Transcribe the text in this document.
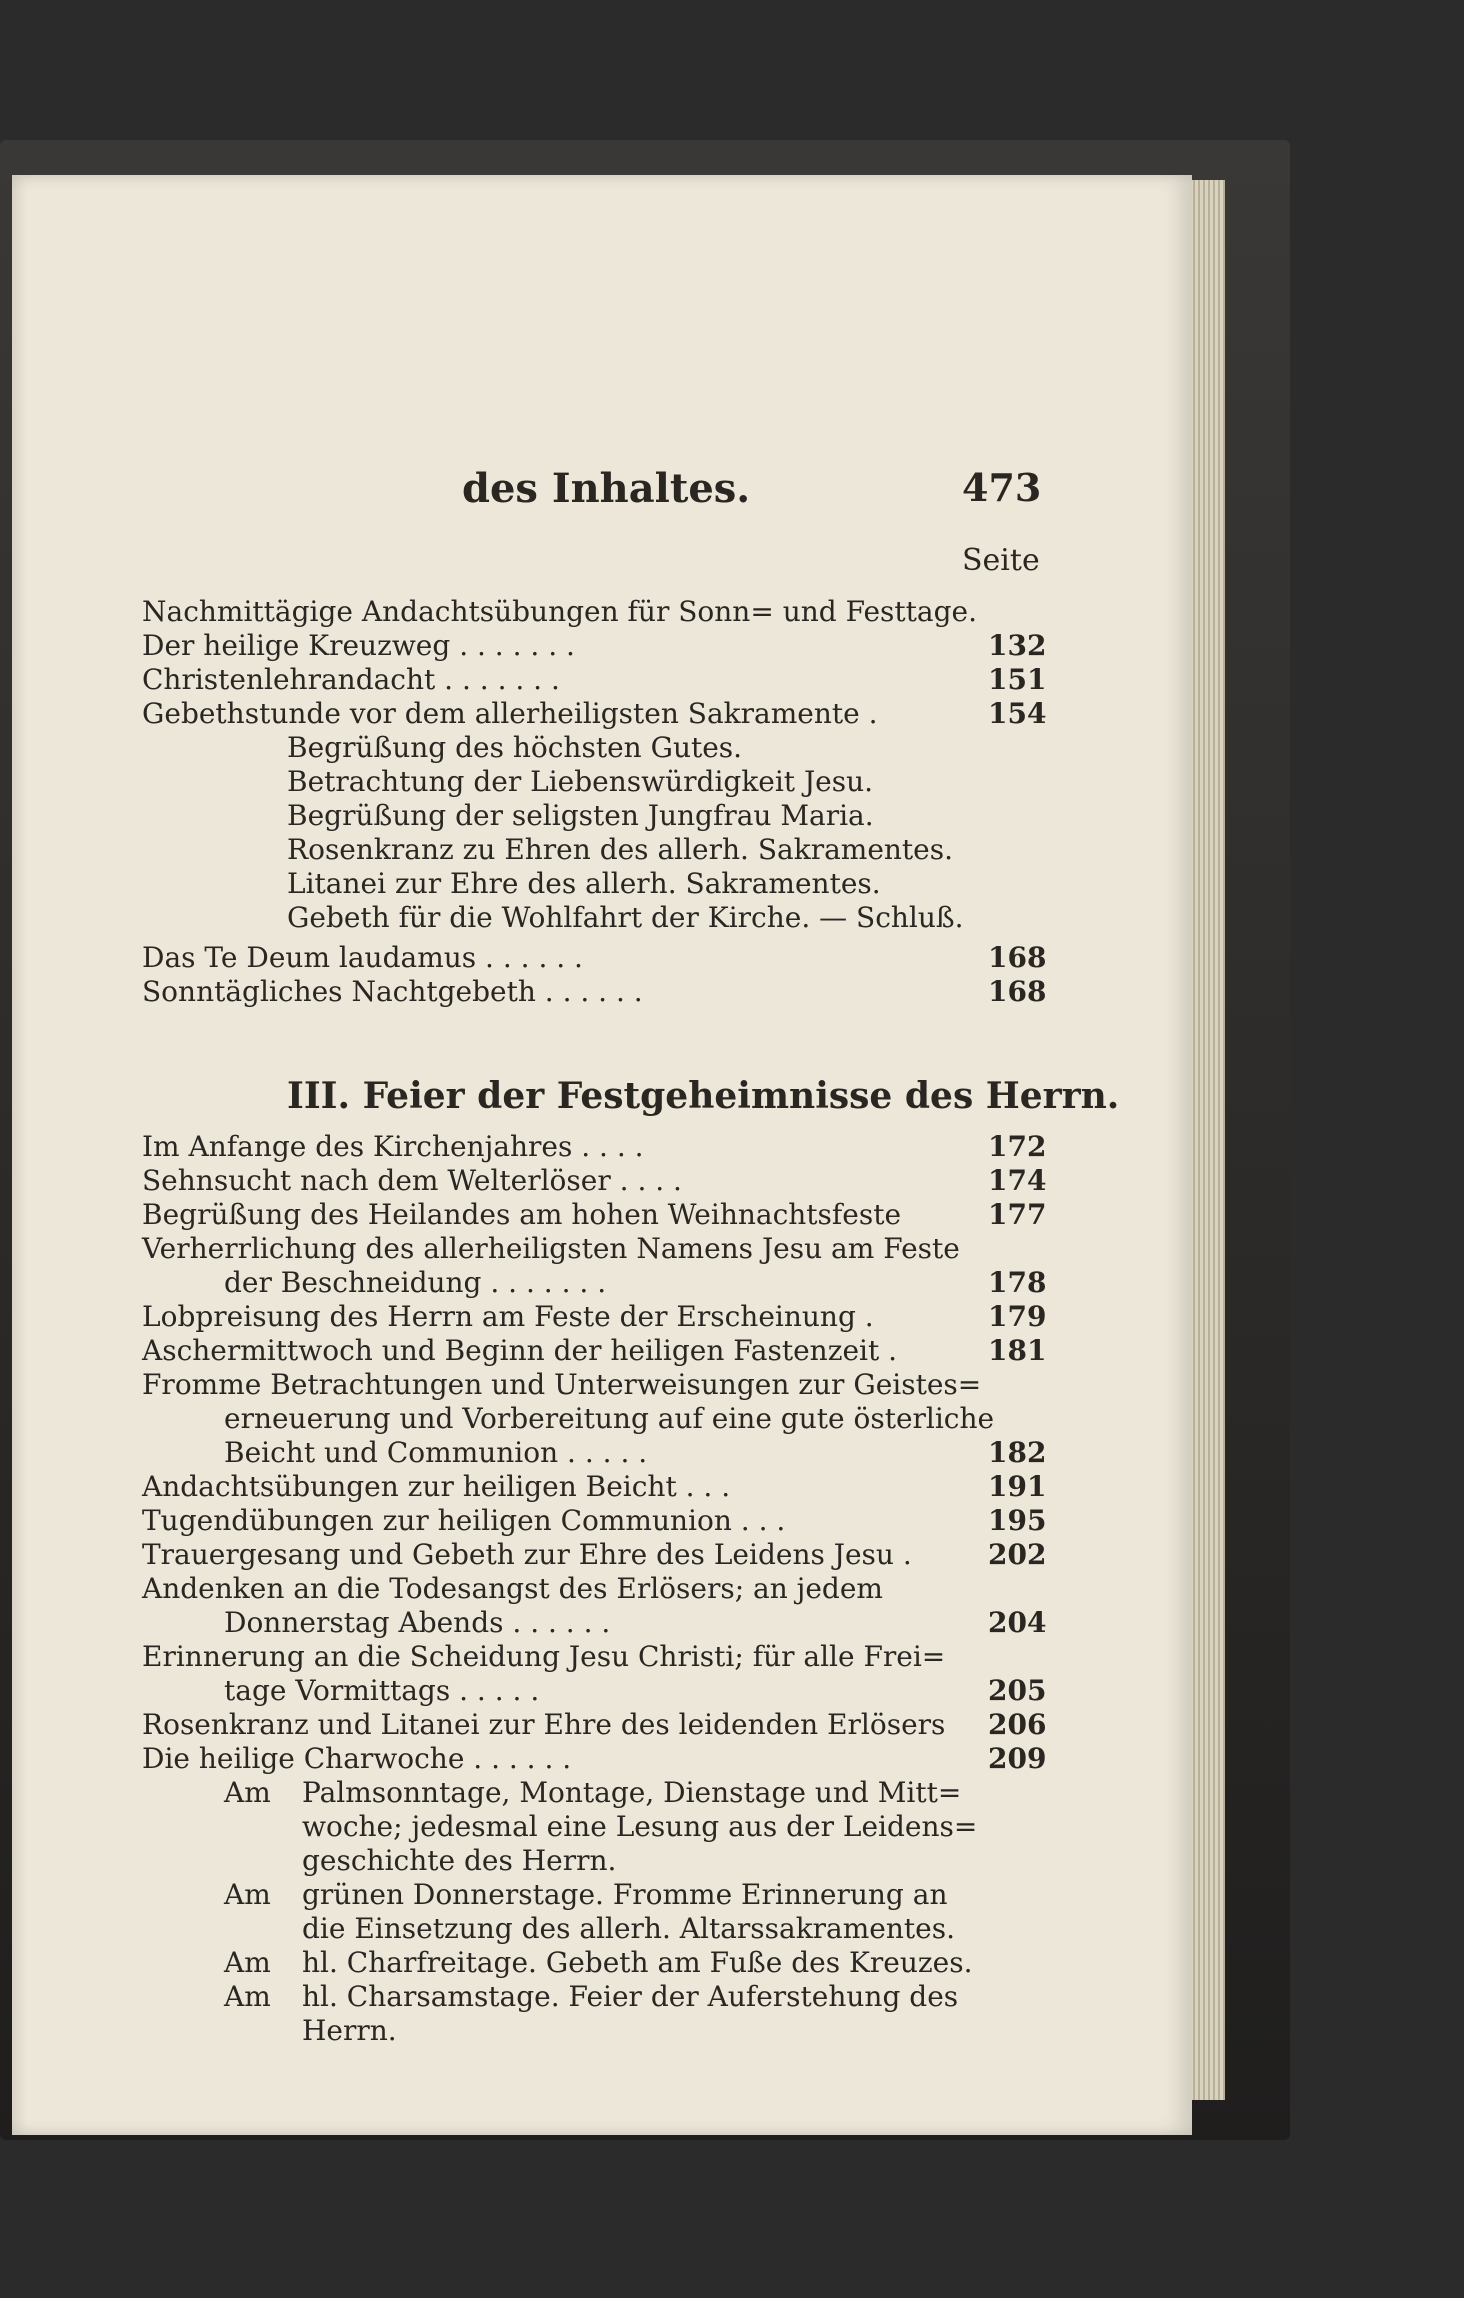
des Inhaltes.	473
Seite
Nachmittägige Andachtsübungen für Sonn= und Festtage.
Der heilige Kreuzweg . . . . . . .	132
Christenlehrandacht . . . . . . .	151
Gebethstunde vor dem allerheiligsten Sakramente .	154
Begrüßung des höchsten Gutes.
Betrachtung der Liebenswürdigkeit Jesu.
Begrüßung der seligsten Jungfrau Maria.
Rosenkranz zu Ehren des allerh. Sakramentes.
Litanei zur Ehre des allerh. Sakramentes.
Gebeth für die Wohlfahrt der Kirche. — Schluß.
Das Te Deum laudamus . . . . . .	168
Sonntägliches Nachtgebeth . . . . . .	168
III. Feier der Festgeheimnisse des Herrn.
Im Anfange des Kirchenjahres . . . .	172
Sehnsucht nach dem Welterlöser . . . .	174
Begrüßung des Heilandes am hohen Weihnachtsfeste	177
Verherrlichung des allerheiligsten Namens Jesu am Feste
der Beschneidung . . . . . . .	178
Lobpreisung des Herrn am Feste der Erscheinung .	179
Aschermittwoch und Beginn der heiligen Fastenzeit .	181
Fromme Betrachtungen und Unterweisungen zur Geistes=
erneuerung und Vorbereitung auf eine gute österliche
Beicht und Communion . . . . .	182
Andachtsübungen zur heiligen Beicht . . .	191
Tugendübungen zur heiligen Communion . . .	195
Trauergesang und Gebeth zur Ehre des Leidens Jesu .	202
Andenken an die Todesangst des Erlösers; an jedem
Donnerstag Abends . . . . . .	204
Erinnerung an die Scheidung Jesu Christi; für alle Frei=
tage Vormittags . . . . .	205
Rosenkranz und Litanei zur Ehre des leidenden Erlösers	206
Die heilige Charwoche . . . . . .	209
Am Palmsonntage, Montage, Dienstage und Mitt=
woche; jedesmal eine Lesung aus der Leidens=
geschichte des Herrn.
Am grünen Donnerstage. Fromme Erinnerung an
die Einsetzung des allerh. Altarssakramentes.
Am hl. Charfreitage. Gebeth am Fuße des Kreuzes.
Am hl. Charsamstage. Feier der Auferstehung des
Herrn.
